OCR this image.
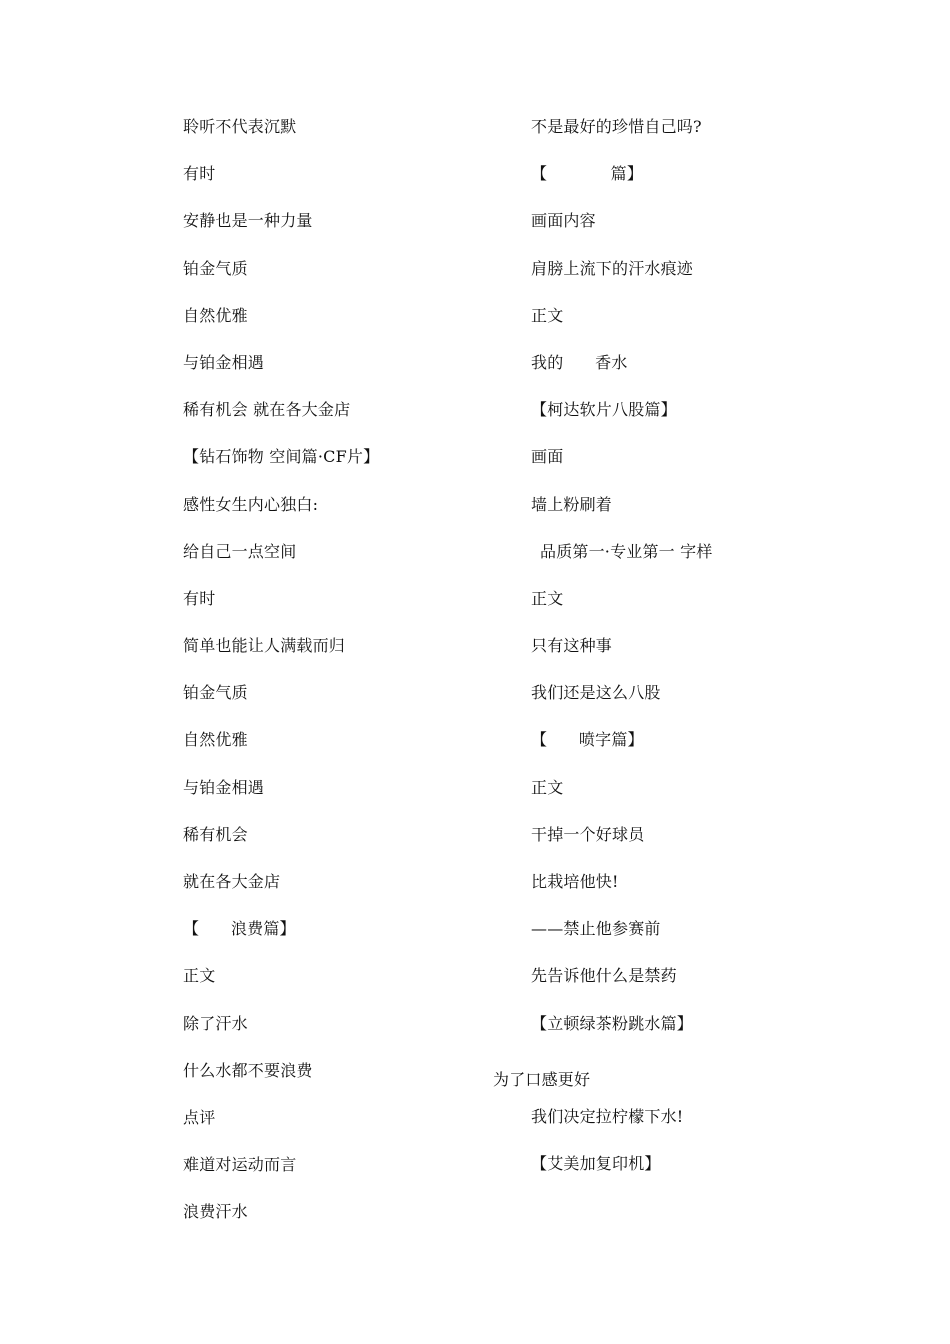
聆听不代表沉默
有时
安静也是一种力量
铂金气质
自然优雅
与铂金相遇
稀有机会 就在各大金店
【钻石饰物 空间篇·CF片】
感性女生内心独白:
给自己一点空间
有时
简单也能让人满载而归
铂金气质
自然优雅
与铂金相遇
稀有机会
就在各大金店
【      浪费篇】
正文
除了汗水
什么水都不要浪费
点评
难道对运动而言
浪费汗水
不是最好的珍惜自己吗?
【            篇】
画面内容
肩膀上流下的汗水痕迹
正文
我的      香水
【柯达软片八股篇】
画面
墙上粉刷着
品质第一·专业第一 字样
正文
只有这种事
我们还是这么八股
【      喷字篇】
正文
干掉一个好球员
比栽培他快!
——禁止他参赛前
先告诉他什么是禁药
【立顿绿茶粉跳水篇】
为了口感更好
我们决定拉柠檬下水!
【艾美加复印机】
